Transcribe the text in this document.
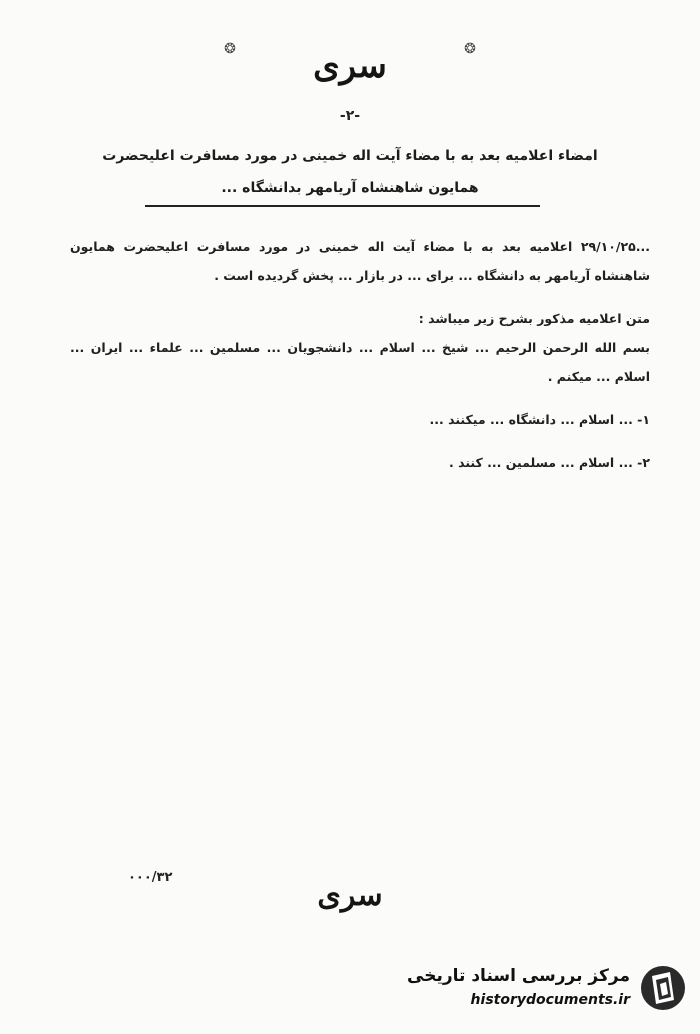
❂	❂
سری
-۲-
امضاء اعلامیه بعد به با مضاء آیت اله خمینی در مورد مسافرت اعلیحضرت
همایون شاهنشاه آریامهر بدانشگاه ...

...۲۹/۱۰/۲۵ اعلامیه بعد به با مضاء آیت اله خمینی در مورد مسافرت اعلیحضرت همایون شاهنشاه آریامهر به دانشگاه ... برای ... در بازار ... پخش گردیده است .

متن اعلامیه مذکور بشرح زیر میباشد :

بسم الله الرحمن الرحیم ... شیخ ... اسلام ... دانشجویان ... مسلمین ... علماء ... ایران ... اسلام ... میکنم .

۱- ... اسلام ... دانشگاه ... میکنند ...

۲- ... اسلام ... مسلمین ... کنند .

۰۰۰/۳۲
سری
مرکز بررسی اسناد تاریخی
historydocuments.ir
